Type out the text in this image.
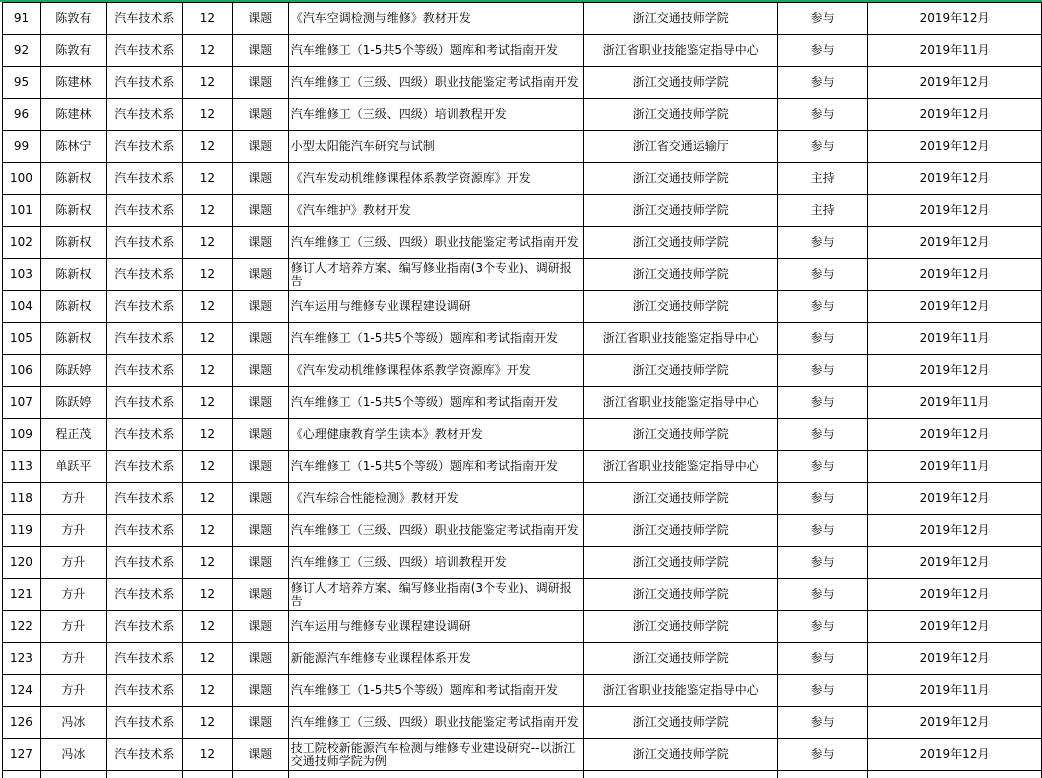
91	陈敦有	汽车技术系	12	课题	《汽车空调检测与维修》教材开发	浙江交通技师学院	参与	2019年12月
92	陈敦有	汽车技术系	12	课题	汽车维修工（1-5共5个等级）题库和考试指南开发	浙江省职业技能鉴定指导中心	参与	2019年11月
95	陈建林	汽车技术系	12	课题	汽车维修工（三级、四级）职业技能鉴定考试指南开发	浙江交通技师学院	参与	2019年12月
96	陈建林	汽车技术系	12	课题	汽车维修工（三级、四级）培训教程开发	浙江交通技师学院	参与	2019年12月
99	陈林宁	汽车技术系	12	课题	小型太阳能汽车研究与试制	浙江省交通运输厅	参与	2019年12月
100	陈新权	汽车技术系	12	课题	《汽车发动机维修课程体系教学资源库》开发	浙江交通技师学院	主持	2019年12月
101	陈新权	汽车技术系	12	课题	《汽车维护》教材开发	浙江交通技师学院	主持	2019年12月
102	陈新权	汽车技术系	12	课题	汽车维修工（三级、四级）职业技能鉴定考试指南开发	浙江交通技师学院	参与	2019年12月
103	陈新权	汽车技术系	12	课题	修订人才培养方案、编写修业指南(3个专业)、调研报告	浙江交通技师学院	参与	2019年12月
104	陈新权	汽车技术系	12	课题	汽车运用与维修专业课程建设调研	浙江交通技师学院	参与	2019年12月
105	陈新权	汽车技术系	12	课题	汽车维修工（1-5共5个等级）题库和考试指南开发	浙江省职业技能鉴定指导中心	参与	2019年11月
106	陈跃婷	汽车技术系	12	课题	《汽车发动机维修课程体系教学资源库》开发	浙江交通技师学院	参与	2019年12月
107	陈跃婷	汽车技术系	12	课题	汽车维修工（1-5共5个等级）题库和考试指南开发	浙江省职业技能鉴定指导中心	参与	2019年11月
109	程正茂	汽车技术系	12	课题	《心理健康教育学生读本》教材开发	浙江交通技师学院	参与	2019年12月
113	单跃平	汽车技术系	12	课题	汽车维修工（1-5共5个等级）题库和考试指南开发	浙江省职业技能鉴定指导中心	参与	2019年11月
118	方升	汽车技术系	12	课题	《汽车综合性能检测》教材开发	浙江交通技师学院	参与	2019年12月
119	方升	汽车技术系	12	课题	汽车维修工（三级、四级）职业技能鉴定考试指南开发	浙江交通技师学院	参与	2019年12月
120	方升	汽车技术系	12	课题	汽车维修工（三级、四级）培训教程开发	浙江交通技师学院	参与	2019年12月
121	方升	汽车技术系	12	课题	修订人才培养方案、编写修业指南(3个专业)、调研报告	浙江交通技师学院	参与	2019年12月
122	方升	汽车技术系	12	课题	汽车运用与维修专业课程建设调研	浙江交通技师学院	参与	2019年12月
123	方升	汽车技术系	12	课题	新能源汽车维修专业课程体系开发	浙江交通技师学院	参与	2019年12月
124	方升	汽车技术系	12	课题	汽车维修工（1-5共5个等级）题库和考试指南开发	浙江省职业技能鉴定指导中心	参与	2019年11月
126	冯冰	汽车技术系	12	课题	汽车维修工（三级、四级）职业技能鉴定考试指南开发	浙江交通技师学院	参与	2019年12月
127	冯冰	汽车技术系	12	课题	技工院校新能源汽车检测与维修专业建设研究--以浙江交通技师学院为例	浙江交通技师学院	参与	2019年12月
